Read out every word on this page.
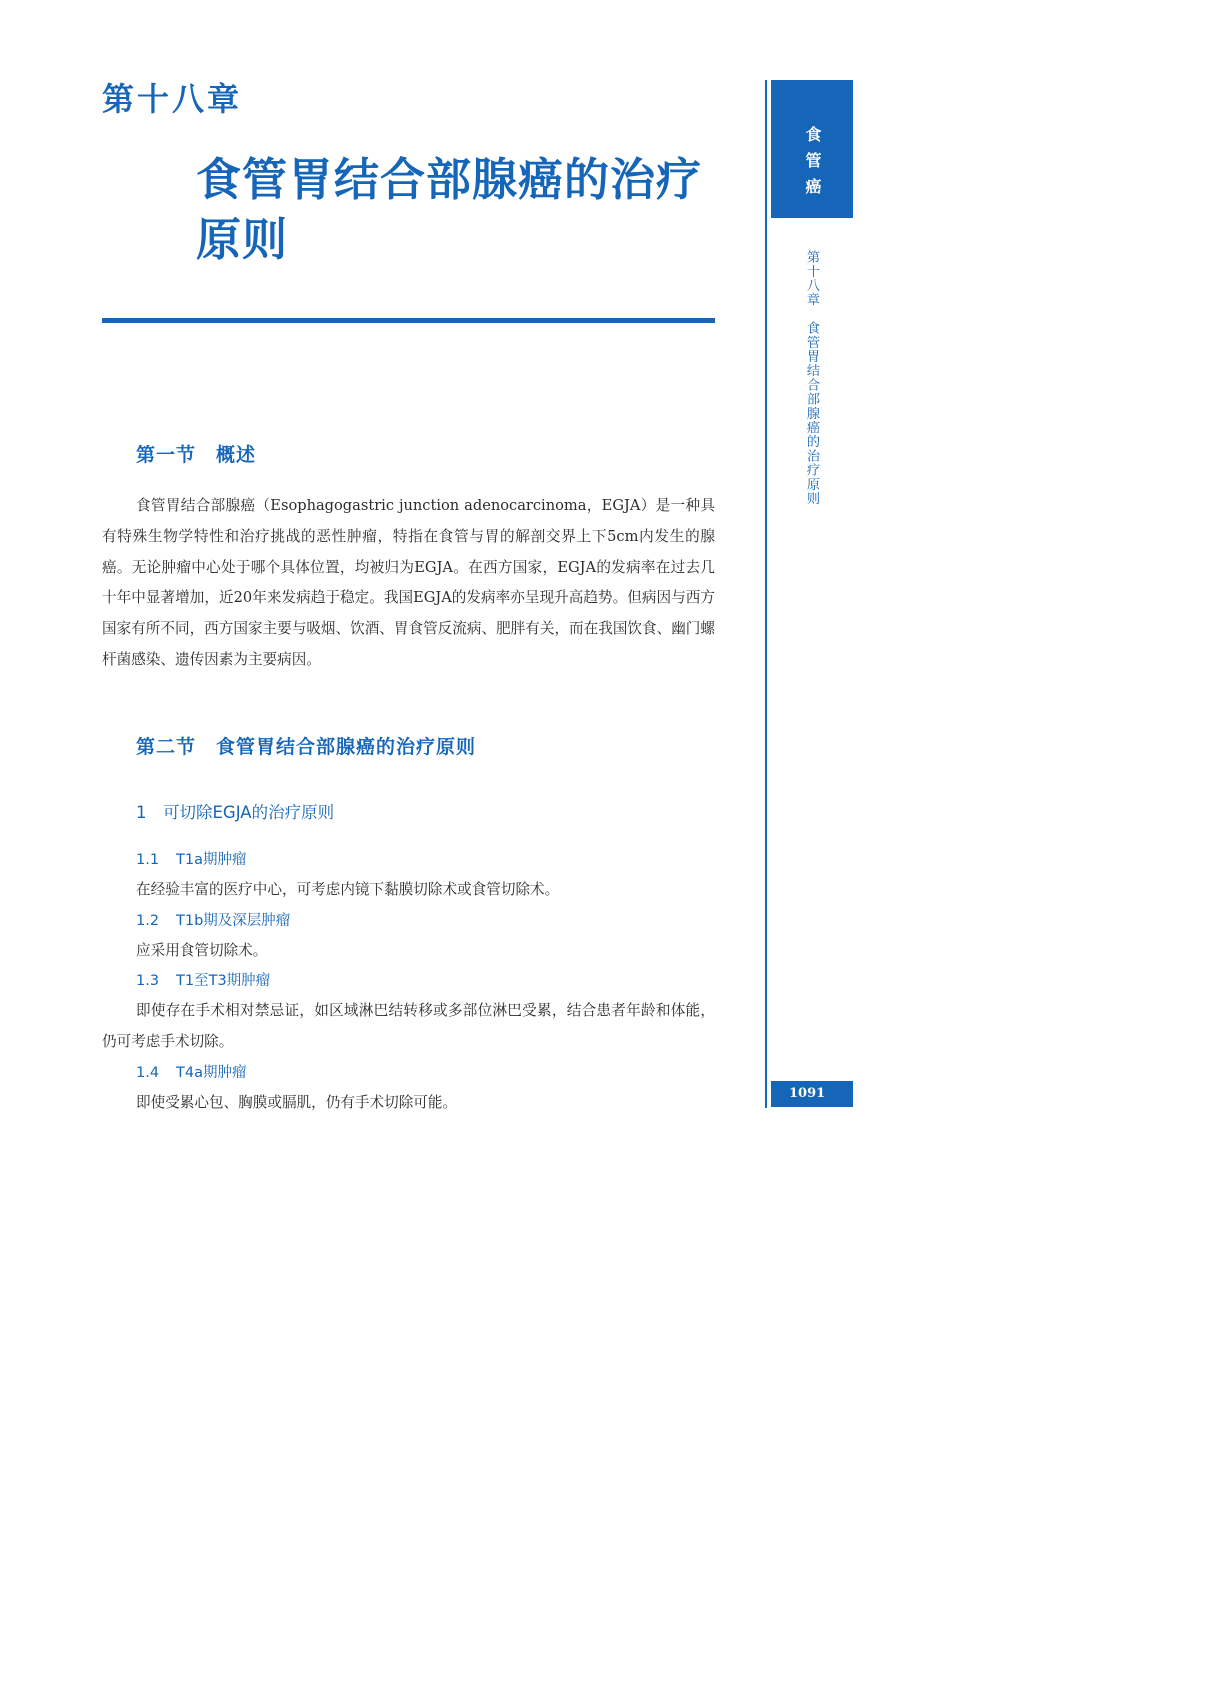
第十八章
食管胃结合部腺癌的治疗原则
第一节 概述

食管胃结合部腺癌（Esophagogastric junction adenocarcinoma，EGJA）是一种具有特殊生物学特性和治疗挑战的恶性肿瘤，特指在食管与胃的解剖交界上下5cm内发生的腺癌。无论肿瘤中心处于哪个具体位置，均被归为EGJA。在西方国家，EGJA的发病率在过去几十年中显著增加，近20年来发病趋于稳定。我国EGJA的发病率亦呈现升高趋势。但病因与西方国家有所不同，西方国家主要与吸烟、饮酒、胃食管反流病、肥胖有关，而在我国饮食、幽门螺杆菌感染、遗传因素为主要病因。

第二节 食管胃结合部腺癌的治疗原则
1 可切除EGJA的治疗原则
1.1 T1a期肿瘤

在经验丰富的医疗中心，可考虑内镜下黏膜切除术或食管切除术。

1.2 T1b期及深层肿瘤

应采用食管切除术。

1.3 T1至T3期肿瘤

即使存在手术相对禁忌证，如区域淋巴结转移或多部位淋巴受累，结合患者年龄和体能，仍可考虑手术切除。

1.4 T4a期肿瘤

即使受累心包、胸膜或膈肌，仍有手术切除可能。

食管癌
第十八章　食管胃结合部腺癌的治疗原则
1091
